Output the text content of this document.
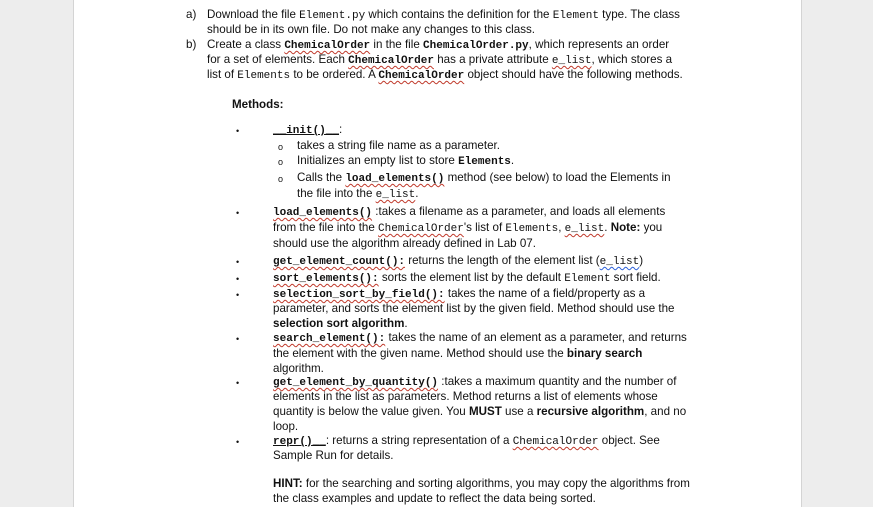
a) Download the file Element.py which contains the definition for the Element type. The class
should be in its own file. Do not make any changes to this class.
b) Create a class ChemicalOrder in the file ChemicalOrder.py, which represents an order
for a set of elements. Each ChemicalOrder has a private attribute e_list, which stores a
list of Elements to be ordered. A ChemicalOrder object should have the following methods.
Methods:
•	__init()__:
o takes a string file name as a parameter.
o Initializes an empty list to store Elements.
o Calls the load_elements() method (see below) to load the Elements in
the file into the e_list.
•	load_elements() :takes a filename as a parameter, and loads all elements
from the file into the ChemicalOrder's list of Elements, e_list. Note: you
should use the algorithm already defined in Lab 07.
•	get_element_count(): returns the length of the element list (e_list)
•	sort_elements(): sorts the element list by the default Element sort field.
•	selection_sort_by_field(): takes the name of a field/property as a
parameter, and sorts the element list by the given field. Method should use the
selection sort algorithm.
•	search_element(): takes the name of an element as a parameter, and returns
the element with the given name. Method should use the binary search
algorithm.
•	get_element_by_quantity() :takes a maximum quantity and the number of
elements in the list as parameters. Method returns a list of elements whose
quantity is below the value given. You MUST use a recursive algorithm, and no
loop.
•	repr()__: returns a string representation of a ChemicalOrder object. See
Sample Run for details.
HINT: for the searching and sorting algorithms, you may copy the algorithms from
the class examples and update to reflect the data being sorted.
